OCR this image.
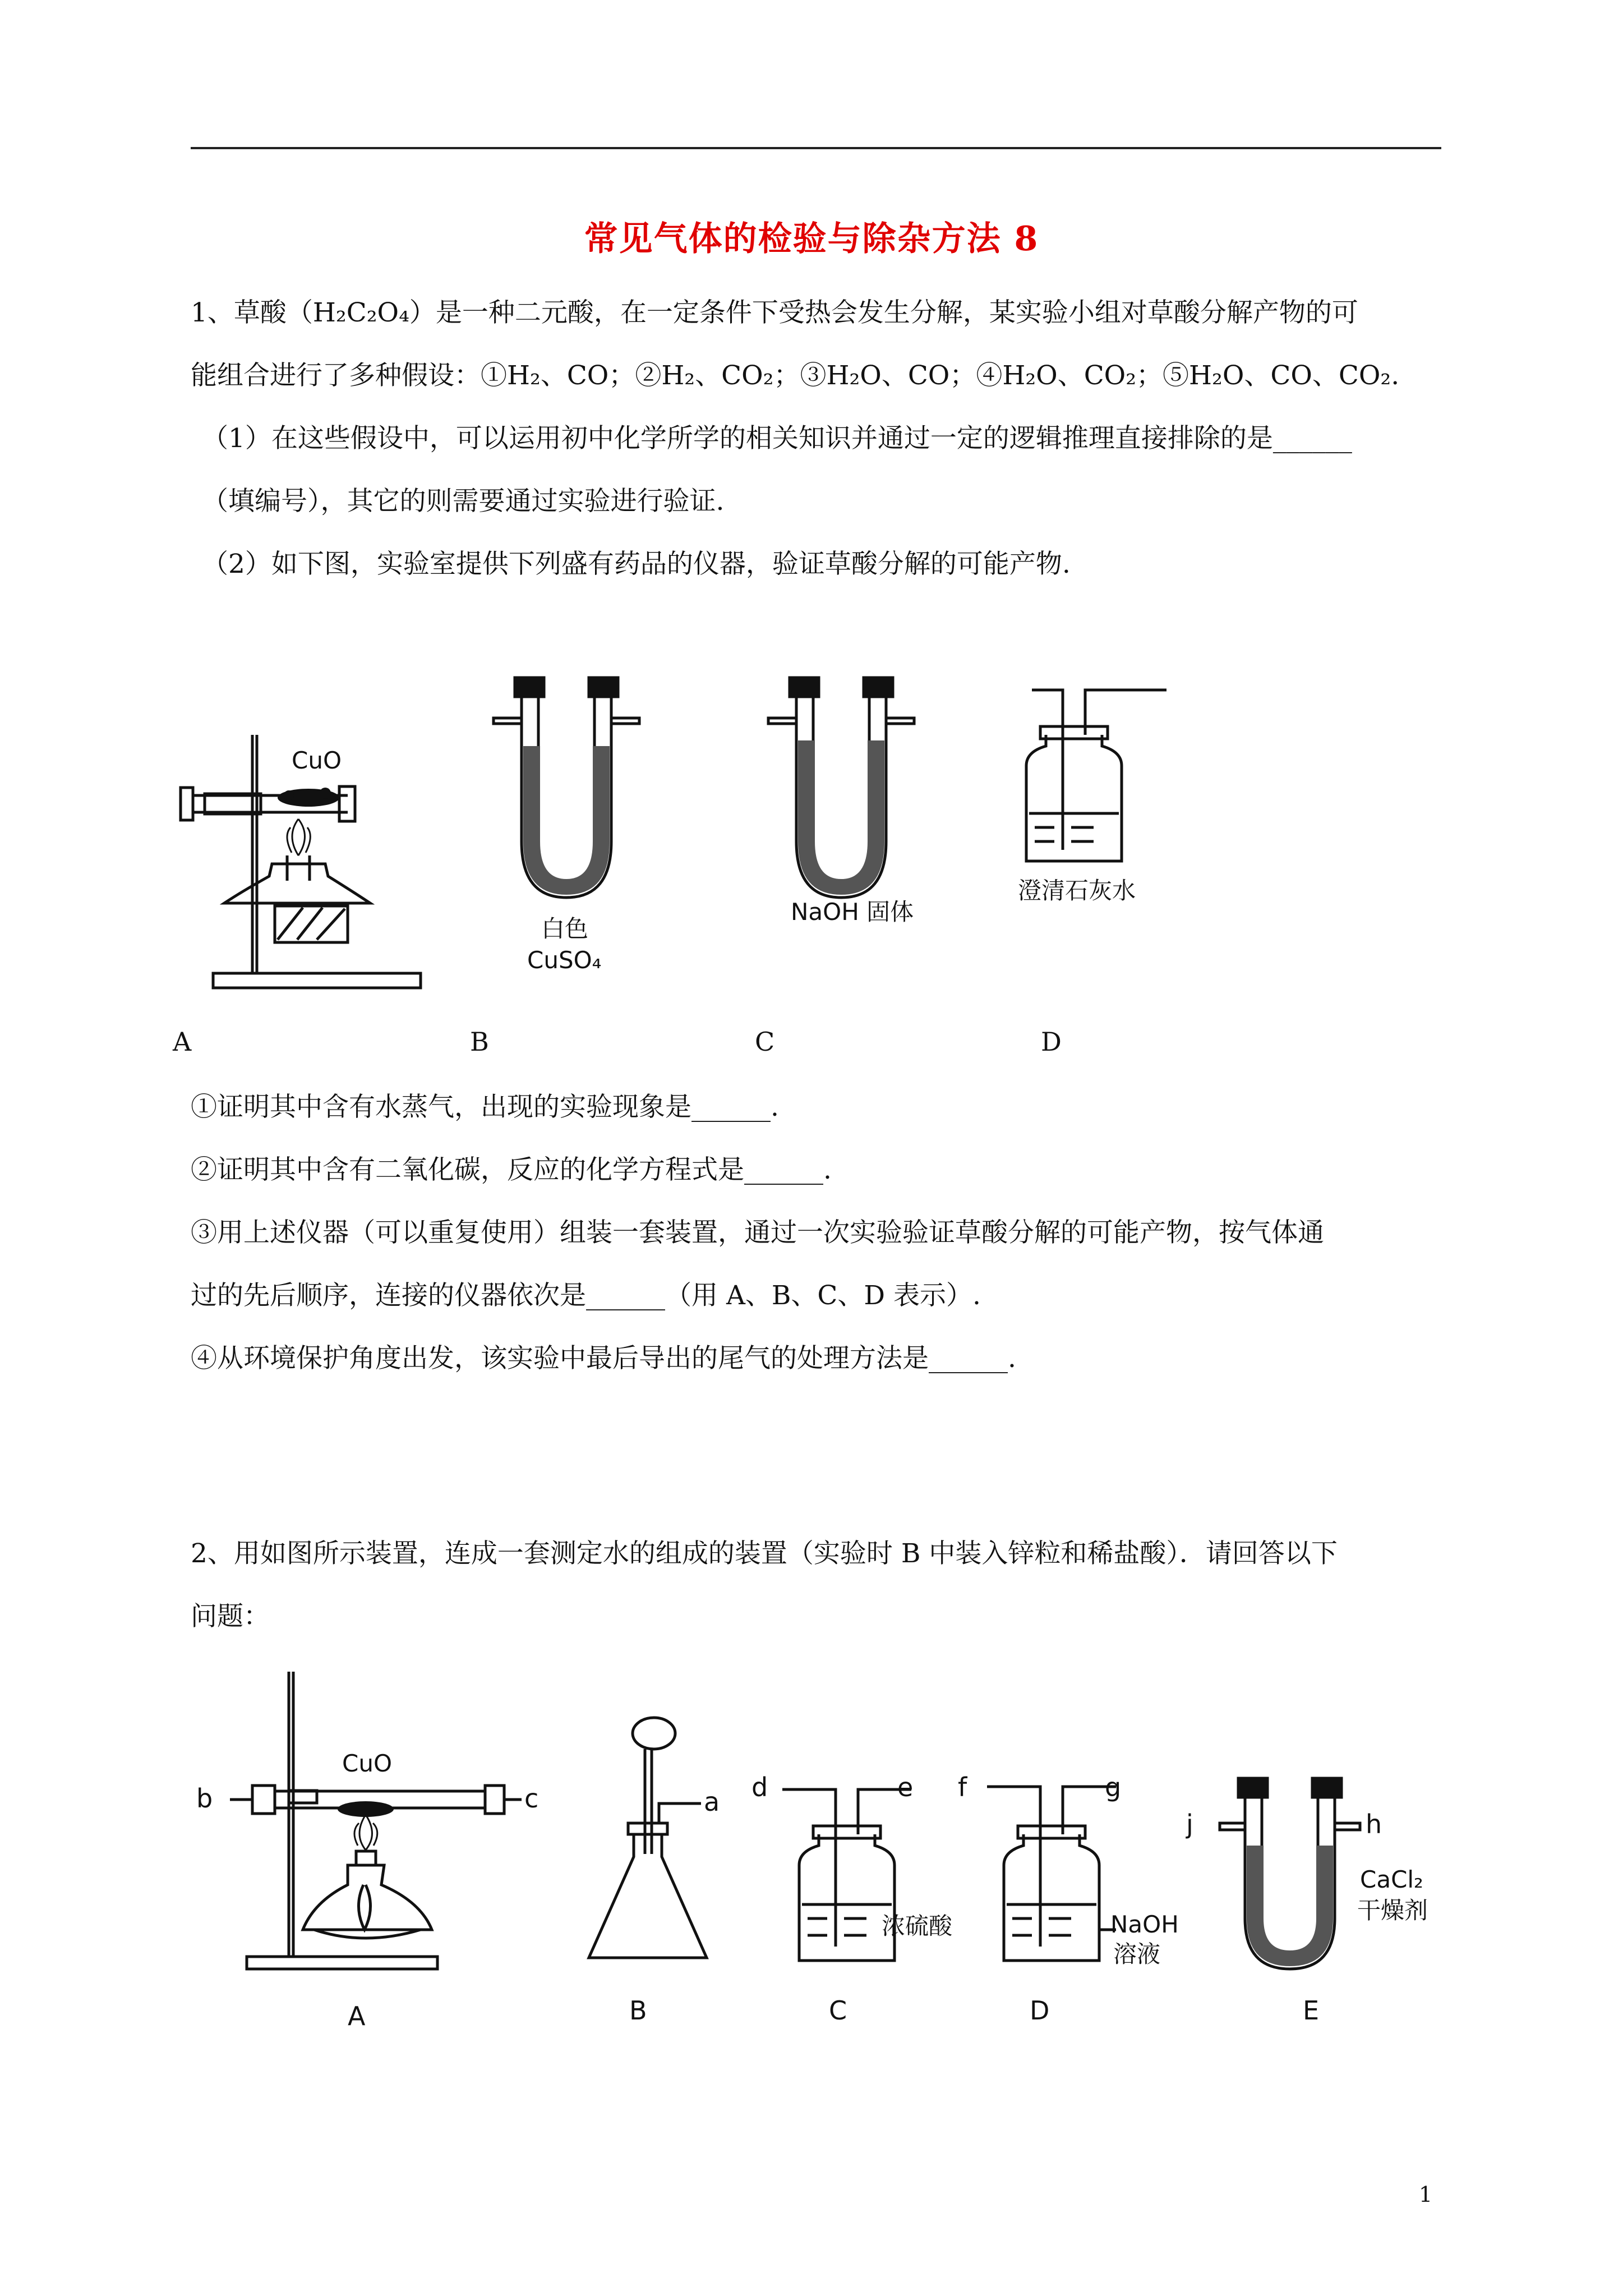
常见气体的检验与除杂方法 8
1、草酸（H₂C₂O₄）是一种二元酸，在一定条件下受热会发生分解，某实验小组对草酸分解产物的可
能组合进行了多种假设：①H₂、CO；②H₂、CO₂；③H₂O、CO；④H₂O、CO₂；⑤H₂O、CO、CO₂.
（1）在这些假设中，可以运用初中化学所学的相关知识并通过一定的逻辑推理直接排除的是______
（填编号），其它的则需要通过实验进行验证.
（2）如下图，实验室提供下列盛有药品的仪器，验证草酸分解的可能产物.
CuO
白色
CuSO₄
NaOH 固体
澄清石灰水
A	B	C	D
①证明其中含有水蒸气，出现的实验现象是______.
②证明其中含有二氧化碳，反应的化学方程式是______.
③用上述仪器（可以重复使用）组装一套装置，通过一次实验验证草酸分解的可能产物，按气体通
过的先后顺序，连接的仪器依次是______（用 A、B、C、D 表示）.
④从环境保护角度出发，该实验中最后导出的尾气的处理方法是______.
2、用如图所示装置，连成一套测定水的组成的装置（实验时 B 中装入锌粒和稀盐酸）．请回答以下
问题：
CuO
b	c	a d	e
浓硫酸
f	g
NaOH
溶液
j	h
CaCl₂
干燥剂
A	B	C	D	E
1
